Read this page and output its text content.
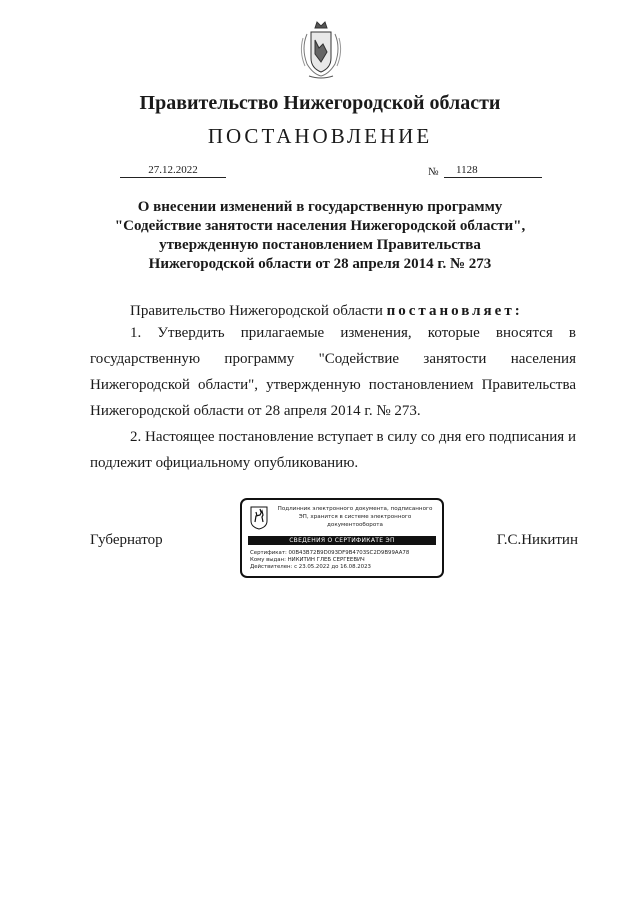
Правительство Нижегородской области
ПОСТАНОВЛЕНИЕ
27.12.2022	№	1128
О внесении изменений в государственную программу
"Содействие занятости населения Нижегородской области",
утвержденную постановлением Правительства
Нижегородской области от 28 апреля 2014 г. № 273
Правительство Нижегородской области постановляет:
1. Утвердить прилагаемые изменения, которые вносятся в государственную программу "Содействие занятости населения Нижегородской области", утвержденную постановлением Правительства Нижегородской области от 28 апреля 2014 г. № 273.
2. Настоящее постановление вступает в силу со дня его подписания и подлежит официальному опубликованию.
Губернатор	Г.С.Никитин
Подлинник электронного документа, подписанного ЭП, хранится в системе электронного документооборота
СВЕДЕНИЯ О СЕРТИФИКАТЕ ЭП
Сертификат: 00B43B72B9D093DF9B4703SC2D9B99AA78
Кому выдан: НИКИТИН ГЛЕБ СЕРГЕЕВИЧ
Действителен: с 23.05.2022 до 16.08.2023
